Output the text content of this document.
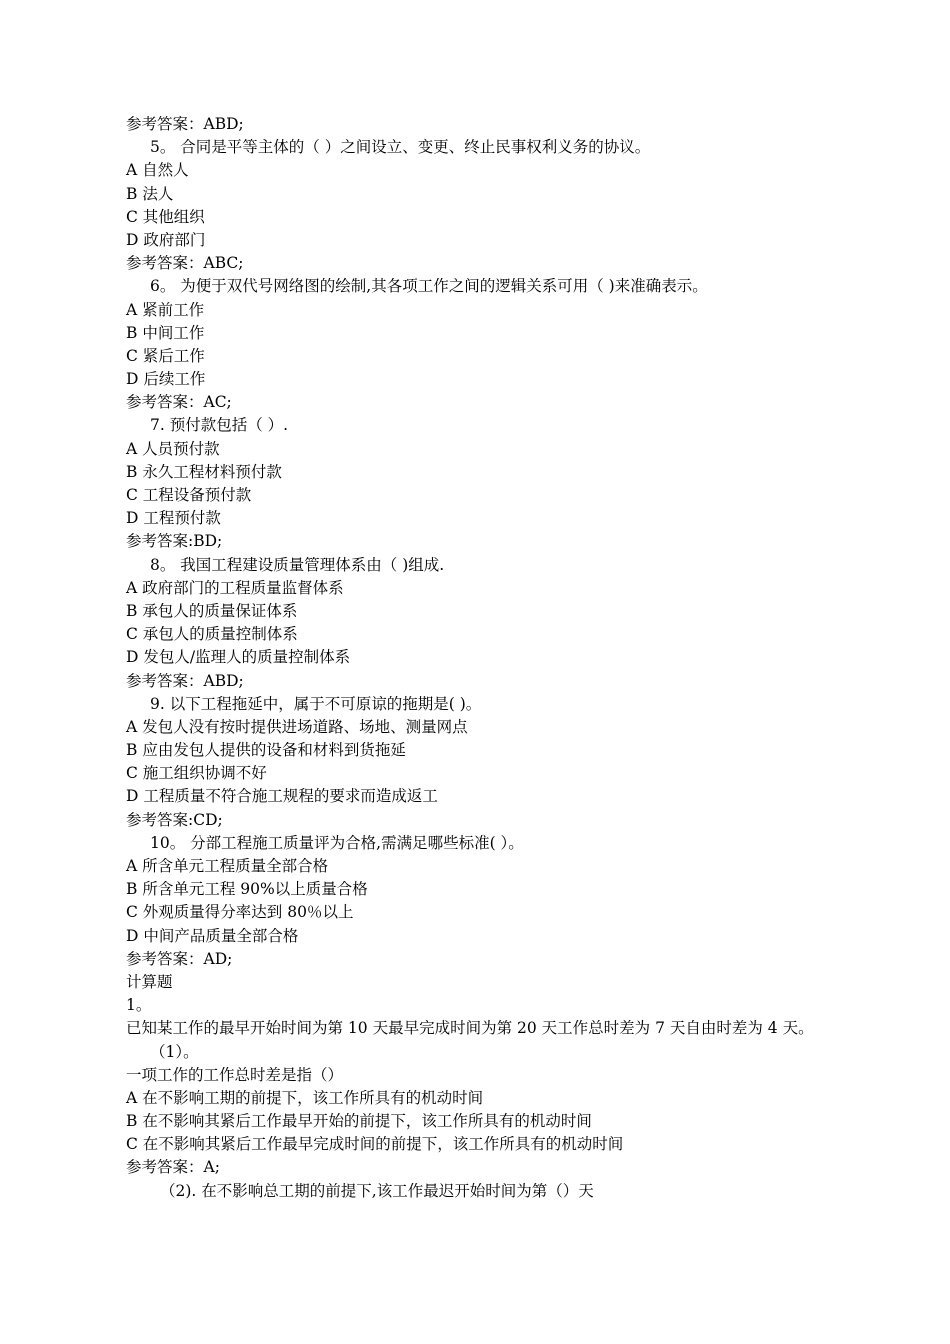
参考答案：ABD;
5。 合同是平等主体的（ ）之间设立、变更、终止民事权利义务的协议。
A 自然人
B 法人
C 其他组织
D 政府部门
参考答案：ABC;
6。 为便于双代号网络图的绘制,其各项工作之间的逻辑关系可用（ )来准确表示。
A 紧前工作
B 中间工作
C 紧后工作
D 后续工作
参考答案：AC;
7. 预付款包括（ ）.
A 人员预付款
B 永久工程材料预付款
C 工程设备预付款
D 工程预付款
参考答案:BD;
8。 我国工程建设质量管理体系由（ )组成.
A 政府部门的工程质量监督体系
B 承包人的质量保证体系
C 承包人的质量控制体系
D 发包人/监理人的质量控制体系
参考答案：ABD;
9. 以下工程拖延中，属于不可原谅的拖期是( )。
A 发包人没有按时提供进场道路、场地、测量网点
B 应由发包人提供的设备和材料到货拖延
C 施工组织协调不好
D 工程质量不符合施工规程的要求而造成返工
参考答案:CD;
10。 分部工程施工质量评为合格,需满足哪些标准( ）。
A 所含单元工程质量全部合格
B 所含单元工程 90%以上质量合格
C 外观质量得分率达到 80％以上
D 中间产品质量全部合格
参考答案：AD;
计算题
1。
已知某工作的最早开始时间为第 10 天最早完成时间为第 20 天工作总时差为 7 天自由时差为 4 天。
（1）。
一项工作的工作总时差是指（）
A 在不影响工期的前提下，该工作所具有的机动时间
B 在不影响其紧后工作最早开始的前提下，该工作所具有的机动时间
C 在不影响其紧后工作最早完成时间的前提下，该工作所具有的机动时间
参考答案：A;
（2). 在不影响总工期的前提下,该工作最迟开始时间为第（）天
